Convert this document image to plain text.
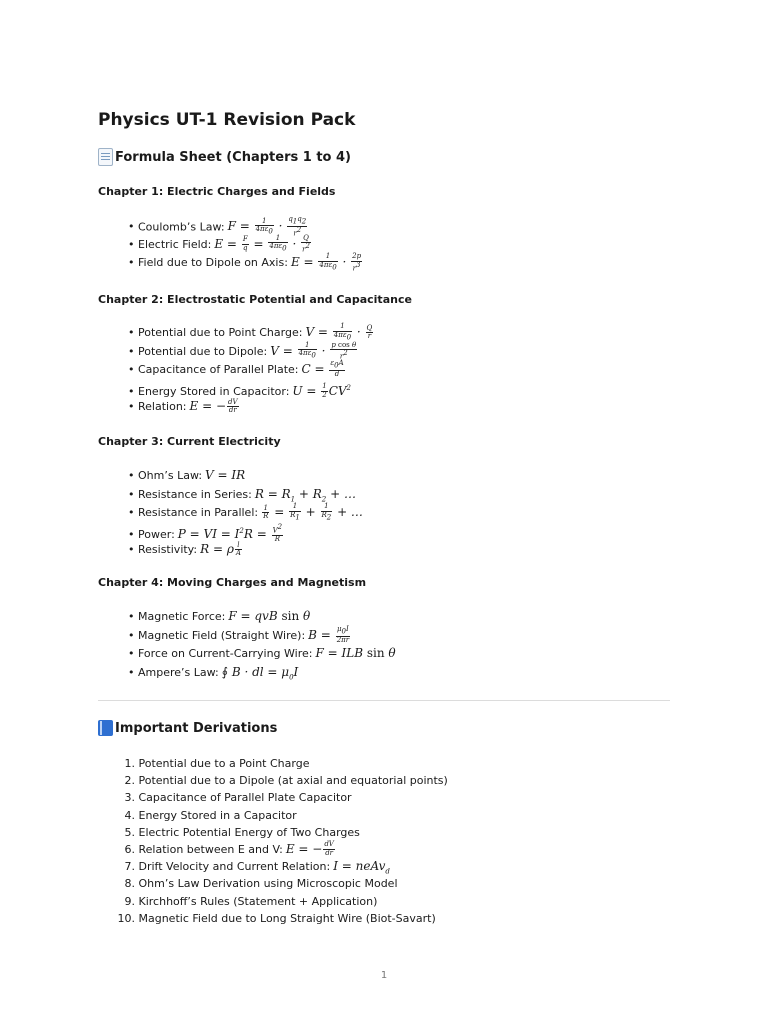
Physics UT-1 Revision Pack
Formula Sheet (Chapters 1 to 4)
Chapter 1: Electric Charges and Fields
• Coulomb’s Law: $F = \frac{1}{4\pi\varepsilon_0} \cdot \frac{q_1q_2}{r^2}$
• Electric Field: $E = \frac{F}{q} = \frac{1}{4\pi\varepsilon_0} \cdot \frac{Q}{r^2}$
• Field due to Dipole on Axis: $E = \frac{1}{4\pi\varepsilon_0} \cdot \frac{2p}{r^3}$
Chapter 2: Electrostatic Potential and Capacitance
• Potential due to Point Charge: $V = \frac{1}{4\pi\varepsilon_0} \cdot \frac{Q}{r}$
• Potential due to Dipole: $V = \frac{1}{4\pi\varepsilon_0} \cdot \frac{\text{p cos θ}}{r^2}$
• Capacitance of Parallel Plate: $C = \frac{\varepsilon_0A}{d}$
• Energy Stored in Capacitor: $U = \frac{1}{2} CV^2$
• Relation: E = − $\frac{dV}{dr}$
Chapter 3: Current Electricity
• Ohm’s Law: V = IR
• Resistance in Series: $R = R_1 + R_2$ + …
• Resistance in Parallel: $\frac{1}{R} = \frac{1}{R_1} + \frac{1}{R_2}$ + …
• Power: P = VI = $I^2R = \frac{V^2}{R}$
• Resistivity: R = ρ $\frac{l}{A}$
Chapter 4: Moving Charges and Magnetism
• Magnetic Force: F = qvB sin θ
• Magnetic Field (Straight Wire): $B = \frac{\mu_0I}{2\pi r}$
• Force on Current-Carrying Wire: F = ILB sin θ
• Ampere’s Law: ∮ B · dl = $\mu_0I$
Important Derivations
1. Potential due to a Point Charge
2. Potential due to a Dipole (at axial and equatorial points)
3. Capacitance of Parallel Plate Capacitor
4. Energy Stored in a Capacitor
5. Electric Potential Energy of Two Charges
6. Relation between E and V: E = − $\frac{dV}{dr}$
7. Drift Velocity and Current Relation: I = neAv$_d$
8. Ohm’s Law Derivation using Microscopic Model
9. Kirchhoff’s Rules (Statement + Application)
10. Magnetic Field due to Long Straight Wire (Biot-Savart)
1
